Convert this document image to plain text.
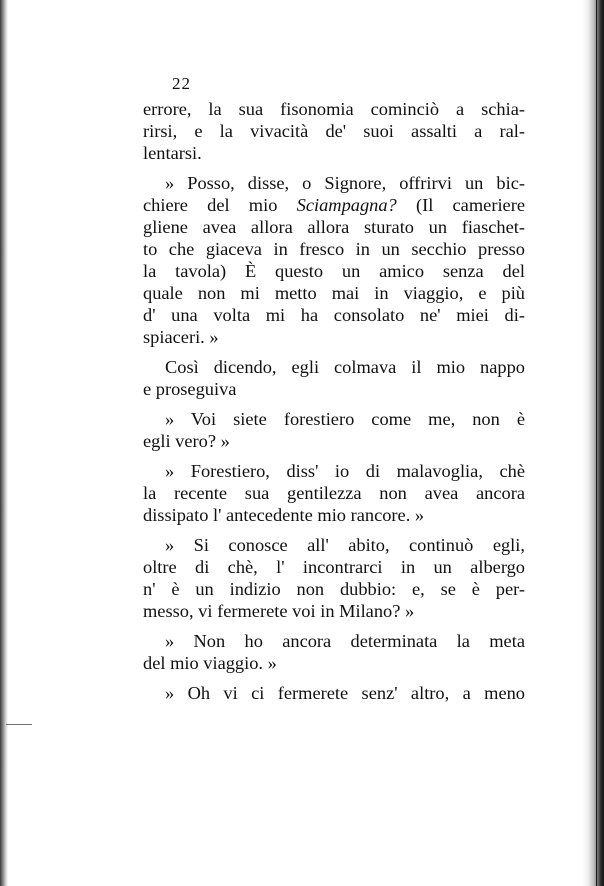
22

errore, la sua fisonomia cominciò a schia-
rirsi, e la vivacità de' suoi assalti a ral-
lentarsi.

» Posso, disse, o Signore, offrirvi un bic-

chiere del mio Sciampagna? (Il cameriere
gliene avea allora allora sturato un fiaschet-
to che giaceva in fresco in un secchio presso
la tavola) È questo un amico senza del
quale non mi metto mai in viaggio, e più
d' una volta mi ha consolato ne' miei di-
spiaceri. »

Così dicendo, egli colmava il mio nappo
e proseguiva

» Voi siete forestiero come me, non è
egli vero? »

» Forestiero, diss' io di malavoglia, chè
la recente sua gentilezza non avea ancora
dissipato l' antecedente mio rancore. »

» Si conosce all' abito, continuò egli,
oltre di chè, l' incontrarci in un albergo
n' è un indizio non dubbio: e, se è per-
messo, vi fermerete voi in Milano? »

» Non ho ancora determinata la meta
del mio viaggio. »

» Oh vi ci fermerete senz' altro, a meno
